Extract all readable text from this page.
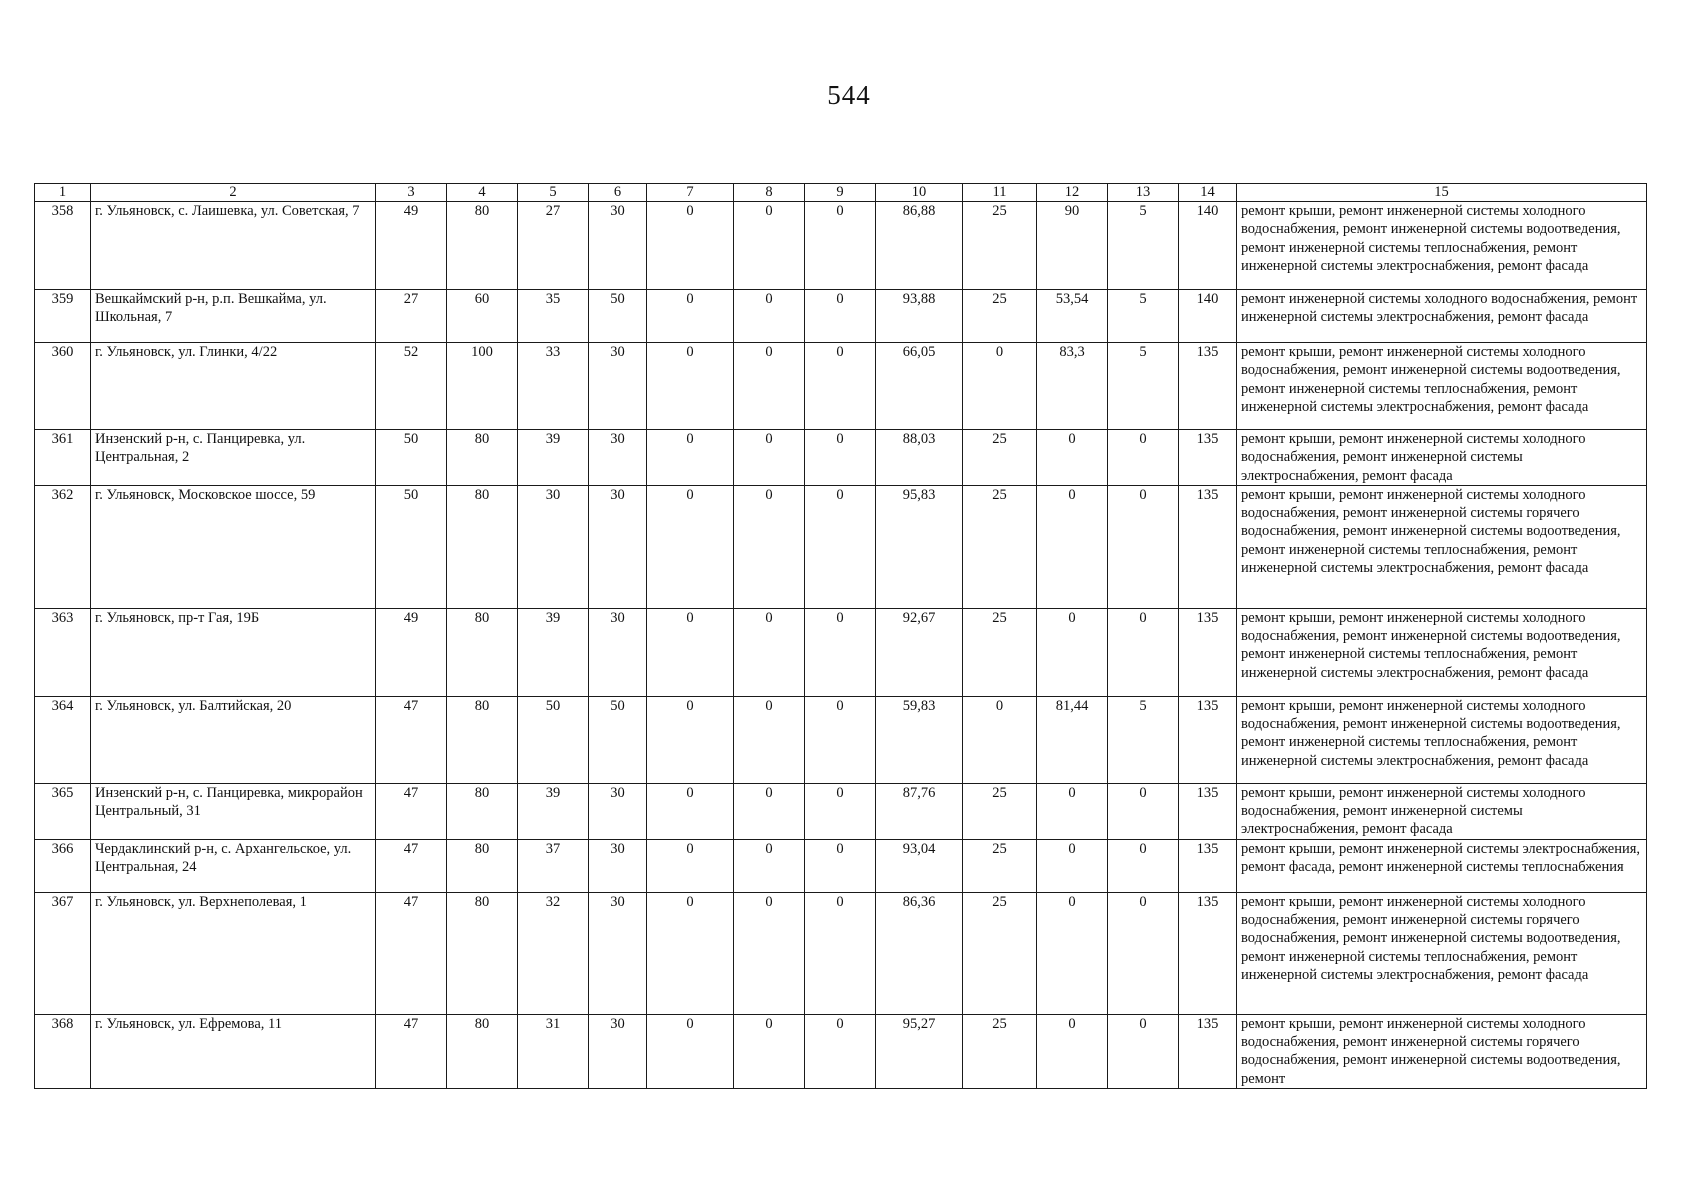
544
1	2	3	4	5	6	7	8	9	10	11	12	13	14	15
358	г. Ульяновск, с. Лаишевка, ул. Советская, 7	49	80	27	30	0	0	0	86,88	25	90	5	140	ремонт крыши, ремонт инженерной системы холодного водоснабжения, ремонт инженерной системы водоотведения, ремонт инженерной системы теплоснабжения, ремонт инженерной системы электроснабжения, ремонт фасада
359	Вешкаймский р-н, р.п. Вешкайма, ул. Школьная, 7	27	60	35	50	0	0	0	93,88	25	53,54	5	140	ремонт инженерной системы холодного водоснабжения, ремонт инженерной системы электроснабжения, ремонт фасада
360	г. Ульяновск, ул. Глинки, 4/22	52	100	33	30	0	0	0	66,05	0	83,3	5	135	ремонт крыши, ремонт инженерной системы холодного водоснабжения, ремонт инженерной системы водоотведения, ремонт инженерной системы теплоснабжения, ремонт инженерной системы электроснабжения, ремонт фасада
361	Инзенский р-н, с. Панциревка, ул. Центральная, 2	50	80	39	30	0	0	0	88,03	25	0	0	135	ремонт крыши, ремонт инженерной системы холодного водоснабжения, ремонт инженерной системы электроснабжения, ремонт фасада
362	г. Ульяновск, Московское шоссе, 59	50	80	30	30	0	0	0	95,83	25	0	0	135	ремонт крыши, ремонт инженерной системы холодного водоснабжения, ремонт инженерной системы горячего водоснабжения, ремонт инженерной системы водоотведения, ремонт инженерной системы теплоснабжения, ремонт инженерной системы электроснабжения, ремонт фасада
363	г. Ульяновск, пр-т Гая, 19Б	49	80	39	30	0	0	0	92,67	25	0	0	135	ремонт крыши, ремонт инженерной системы холодного водоснабжения, ремонт инженерной системы водоотведения, ремонт инженерной системы теплоснабжения, ремонт инженерной системы электроснабжения, ремонт фасада
364	г. Ульяновск, ул. Балтийская, 20	47	80	50	50	0	0	0	59,83	0	81,44	5	135	ремонт крыши, ремонт инженерной системы холодного водоснабжения, ремонт инженерной системы водоотведения, ремонт инженерной системы теплоснабжения, ремонт инженерной системы электроснабжения, ремонт фасада
365	Инзенский р-н, с. Панциревка, микрорайон Центральный, 31	47	80	39	30	0	0	0	87,76	25	0	0	135	ремонт крыши, ремонт инженерной системы холодного водоснабжения, ремонт инженерной системы электроснабжения, ремонт фасада
366	Чердаклинский р-н, с. Архангельское, ул. Центральная, 24	47	80	37	30	0	0	0	93,04	25	0	0	135	ремонт крыши, ремонт инженерной системы электроснабжения, ремонт фасада, ремонт инженерной системы теплоснабжения
367	г. Ульяновск, ул. Верхнеполевая, 1	47	80	32	30	0	0	0	86,36	25	0	0	135	ремонт крыши, ремонт инженерной системы холодного водоснабжения, ремонт инженерной системы горячего водоснабжения, ремонт инженерной системы водоотведения, ремонт инженерной системы теплоснабжения, ремонт инженерной системы электроснабжения, ремонт фасада
368	г. Ульяновск, ул. Ефремова, 11	47	80	31	30	0	0	0	95,27	25	0	0	135	ремонт крыши, ремонт инженерной системы холодного водоснабжения, ремонт инженерной системы горячего водоснабжения, ремонт инженерной системы водоотведения, ремонт
